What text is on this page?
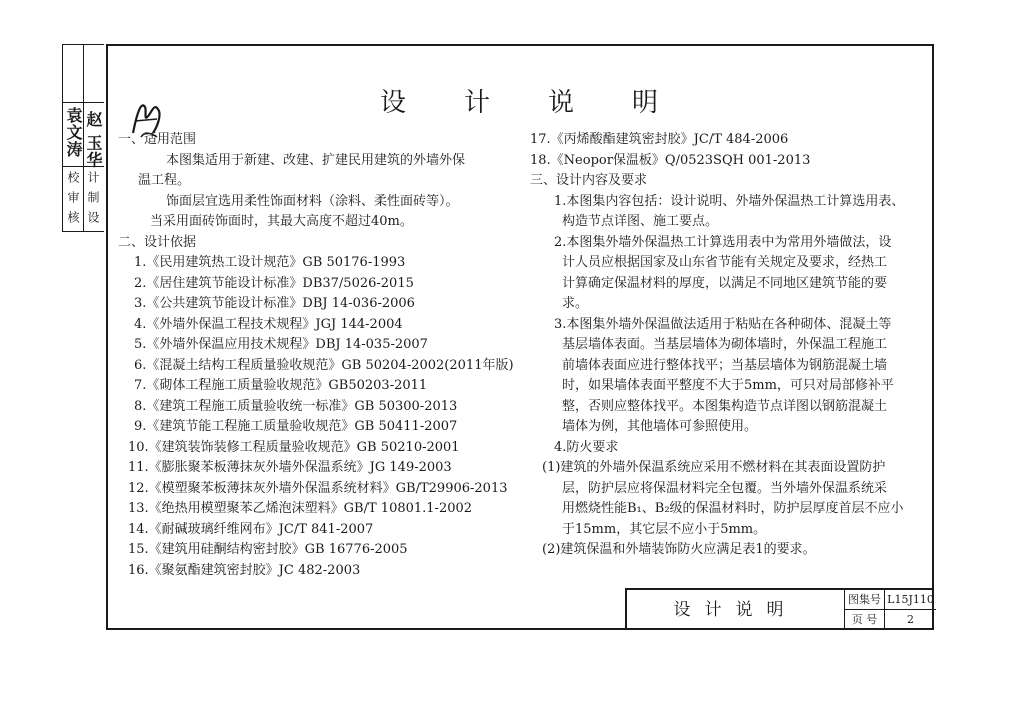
袁文涛 赵 玉华
校
审
核
计
制
设
设 计 说 明
一、适用范围
本图集适用于新建、改建、扩建民用建筑的外墙外保
温工程。
饰面层宜选用柔性饰面材料（涂料、柔性面砖等）。
当采用面砖饰面时，其最大高度不超过40m。
二、设计依据
1.《民用建筑热工设计规范》GB 50176-1993
2.《居住建筑节能设计标准》DB37/5026-2015
3.《公共建筑节能设计标准》DBJ 14-036-2006
4.《外墙外保温工程技术规程》JGJ 144-2004
5.《外墙外保温应用技术规程》DBJ 14-035-2007
6.《混凝土结构工程质量验收规范》GB 50204-2002(2011年版)
7.《砌体工程施工质量验收规范》GB50203-2011
8.《建筑工程施工质量验收统一标准》GB 50300-2013
9.《建筑节能工程施工质量验收规范》GB 50411-2007
10.《建筑装饰装修工程质量验收规范》GB 50210-2001
11.《膨胀聚苯板薄抹灰外墙外保温系统》JG 149-2003
12.《模塑聚苯板薄抹灰外墙外保温系统材料》GB/T29906-2013
13.《绝热用模塑聚苯乙烯泡沫塑料》GB/T 10801.1-2002
14.《耐碱玻璃纤维网布》JC/T 841-2007
15.《建筑用硅酮结构密封胶》GB 16776-2005
16.《聚氨酯建筑密封胶》JC 482-2003
17.《丙烯酸酯建筑密封胶》JC/T 484-2006
18.《Neopor保温板》Q/0523SQH 001-2013
三、设计内容及要求
1.本图集内容包括：设计说明、外墙外保温热工计算选用表、
构造节点详图、施工要点。
2.本图集外墙外保温热工计算选用表中为常用外墙做法，设
计人员应根据国家及山东省节能有关规定及要求，经热工
计算确定保温材料的厚度，以满足不同地区建筑节能的要
求。
3.本图集外墙外保温做法适用于粘贴在各种砌体、混凝土等
基层墙体表面。当基层墙体为砌体墙时，外保温工程施工
前墙体表面应进行整体找平；当基层墙体为钢筋混凝土墙
时，如果墙体表面平整度不大于5mm，可只对局部修补平
整，否则应整体找平。本图集构造节点详图以钢筋混凝土
墙体为例，其他墙体可参照使用。
4.防火要求
(1)建筑的外墙外保温系统应采用不燃材料在其表面设置防护
层，防护层应将保温材料完全包覆。当外墙外保温系统采
用燃烧性能B₁、B₂级的保温材料时，防护层厚度首层不应小
于15mm，其它层不应小于5mm。
(2)建筑保温和外墙装饰防火应满足表1的要求。
设计说明
图集号 L15J110
页 号	2
